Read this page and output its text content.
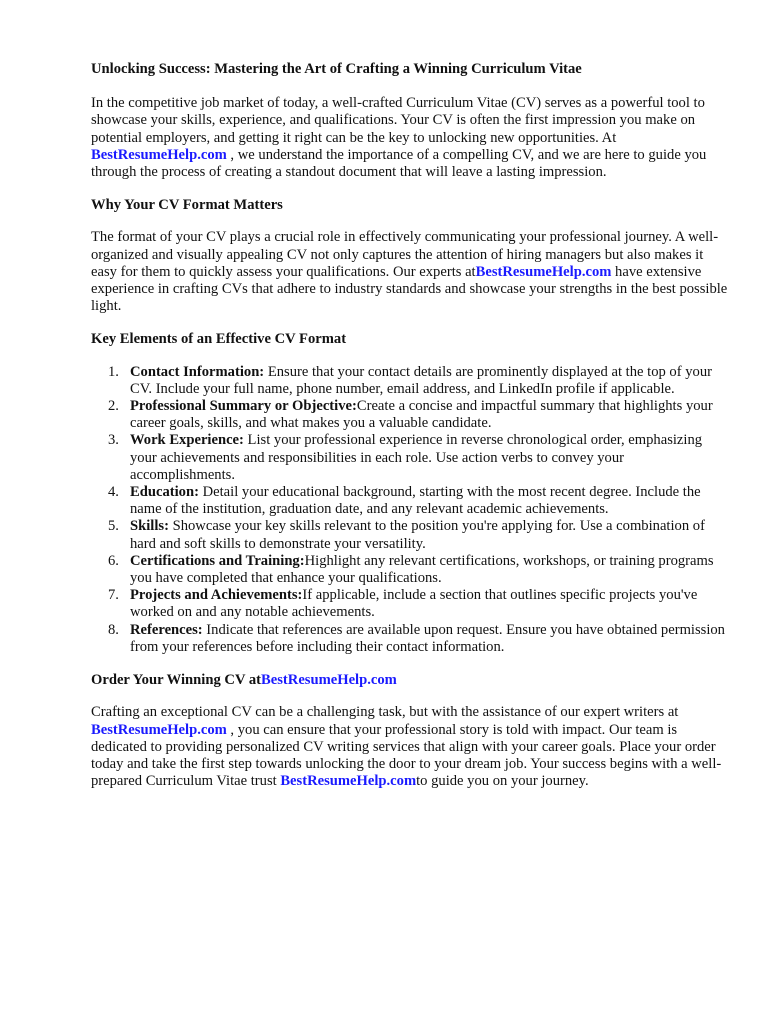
Unlocking Success: Mastering the Art of Crafting a Winning Curriculum Vitae

In the competitive job market of today, a well-crafted Curriculum Vitae (CV) serves as a powerful tool to showcase your skills, experience, and qualifications. Your CV is often the first impression you make on potential employers, and getting it right can be the key to unlocking new opportunities. At BestResumeHelp.com , we understand the importance of a compelling CV, and we are here to guide you through the process of creating a standout document that will leave a lasting impression.

Why Your CV Format Matters

The format of your CV plays a crucial role in effectively communicating your professional journey. A well-organized and visually appealing CV not only captures the attention of hiring managers but also makes it easy for them to quickly assess your qualifications. Our experts atBestResumeHelp.com have extensive experience in crafting CVs that adhere to industry standards and showcase your strengths in the best possible light.

Key Elements of an Effective CV Format

1. Contact Information: Ensure that your contact details are prominently displayed at the top of your CV. Include your full name, phone number, email address, and LinkedIn profile if applicable.
2. Professional Summary or Objective:Create a concise and impactful summary that highlights your career goals, skills, and what makes you a valuable candidate.
3. Work Experience: List your professional experience in reverse chronological order, emphasizing your achievements and responsibilities in each role. Use action verbs to convey your accomplishments.
4. Education: Detail your educational background, starting with the most recent degree. Include the name of the institution, graduation date, and any relevant academic achievements.
5. Skills: Showcase your key skills relevant to the position you're applying for. Use a combination of hard and soft skills to demonstrate your versatility.
6. Certifications and Training:Highlight any relevant certifications, workshops, or training programs you have completed that enhance your qualifications.
7. Projects and Achievements:If applicable, include a section that outlines specific projects you've worked on and any notable achievements.
8. References: Indicate that references are available upon request. Ensure you have obtained permission from your references before including their contact information.

Order Your Winning CV atBestResumeHelp.com

Crafting an exceptional CV can be a challenging task, but with the assistance of our expert writers at BestResumeHelp.com , you can ensure that your professional story is told with impact. Our team is dedicated to providing personalized CV writing services that align with your career goals. Place your order today and take the first step towards unlocking the door to your dream job. Your success begins with a well-prepared Curriculum Vitae trust BestResumeHelp.comto guide you on your journey.
